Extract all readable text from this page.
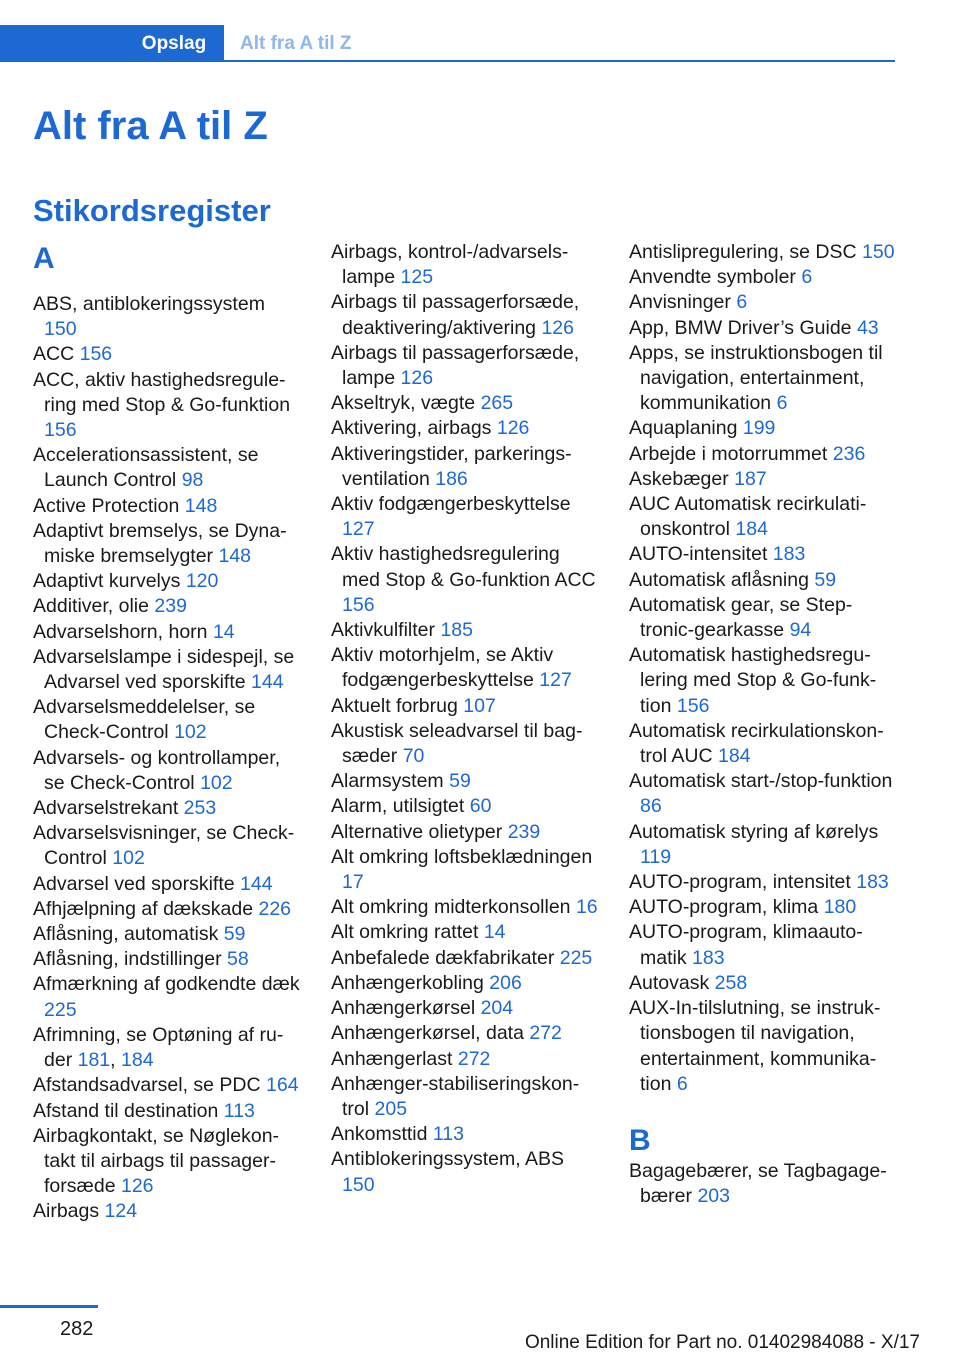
Opslag	Alt fra A til Z
Alt fra A til Z
Stikordsregister
A
ABS, antiblokeringssystem 150
ACC 156
ACC, aktiv hastighedsregulering med Stop & Go-funktion 156
Accelerationsassistent, se Launch Control 98
Active Protection 148
Adaptivt bremselys, se Dynamiske bremselygter 148
Adaptivt kurvelys 120
Additiver, olie 239
Advarselshorn, horn 14
Advarselslampe i sidespejl, se Advarsel ved sporskifte 144
Advarselsmeddelelser, se Check-Control 102
Advarsels- og kontrollamper, se Check-Control 102
Advarselstrekant 253
Advarselsvisninger, se Check-Control 102
Advarsel ved sporskifte 144
Afhjælpning af dækskade 226
Aflåsning, automatisk 59
Aflåsning, indstillinger 58
Afmærkning af godkendte dæk 225
Afrimning, se Optøning af ruder 181, 184
Afstandsadvarsel, se PDC 164
Afstand til destination 113
Airbagkontakt, se Nøglekontakt til airbags til passagerforsæde 126
Airbags 124
Airbags, kontrol-/advarselslampe 125
Airbags til passagerforsæde, deaktivering/aktivering 126
Airbags til passagerforsæde, lampe 126
Akseltryk, vægte 265
Aktivering, airbags 126
Aktiveringstider, parkeringsventilation 186
Aktiv fodgængerbeskyttelse 127
Aktiv hastighedsregulering med Stop & Go-funktion ACC 156
Aktivkulfilter 185
Aktiv motorhjelm, se Aktiv fodgængerbeskyttelse 127
Aktuelt forbrug 107
Akustisk seleadvarsel til bagsæder 70
Alarmsystem 59
Alarm, utilsigtet 60
Alternative olietyper 239
Alt omkring loftsbeklædningen 17
Alt omkring midterkonsollen 16
Alt omkring rattet 14
Anbefalede dækfabrikater 225
Anhængerkobling 206
Anhængerkørsel 204
Anhængerkørsel, data 272
Anhængerlast 272
Anhænger-stabiliseringskontrol 205
Ankomsttid 113
Antiblokeringssystem, ABS 150
Antislipregulering, se DSC 150
Anvendte symboler 6
Anvisninger 6
App, BMW Driver’s Guide 43
Apps, se instruktionsbogen til navigation, entertainment, kommunikation 6
Aquaplaning 199
Arbejde i motorrummet 236
Askebæger 187
AUC Automatisk recirkulationskontrol 184
AUTO-intensitet 183
Automatisk aflåsning 59
Automatisk gear, se Steptronic-gearkasse 94
Automatisk hastighedsregulering med Stop & Go-funktion 156
Automatisk recirkulationskontrol AUC 184
Automatisk start-/stop-funktion 86
Automatisk styring af kørelys 119
AUTO-program, intensitet 183
AUTO-program, klima 180
AUTO-program, klimaautomatik 183
Autovask 258
AUX-In-tilslutning, se instruktionsbogen til navigation, entertainment, kommunikation 6
B
Bagagebærer, se Tagbagagebærer 203
282
Online Edition for Part no. 01402984088 - X/17
